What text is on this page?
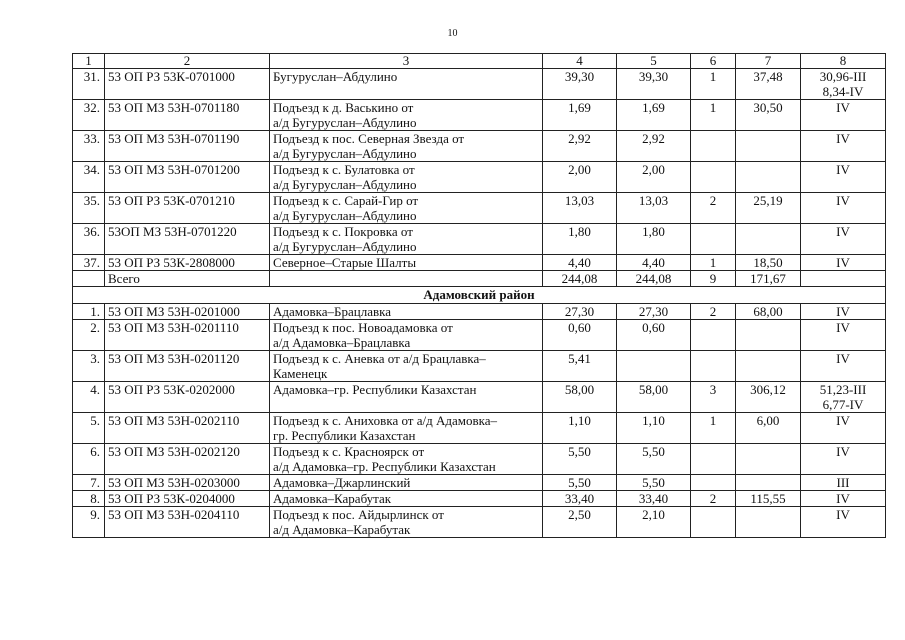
10
1	2	3	4	5	6	7	8
31.	53 ОП РЗ 53К-0701000	Бугуруслан–Абдулино	39,30	39,30	1	37,48	30,96-III
8,34-IV

32.	53 ОП МЗ 53Н-0701180	Подъезд к д. Васькино от
а/д Бугуруслан–Абдулино	1,69	1,69	1	30,50	IV

33.	53 ОП МЗ 53Н-0701190	Подъезд к пос. Северная Звезда от
а/д Бугуруслан–Абдулино	2,92	2,92			IV

34.	53 ОП МЗ 53Н-0701200	Подъезд к с. Булатовка от
а/д Бугуруслан–Абдулино	2,00	2,00			IV

35.	53 ОП РЗ 53К-0701210	Подъезд к с. Сарай-Гир от
а/д Бугуруслан–Абдулино	13,03	13,03	2	25,19	IV

36.	53ОП МЗ 53Н-0701220	Подъезд к с. Покровка от
а/д Бугуруслан–Абдулино	1,80	1,80			IV

37.	53 ОП РЗ 53К-2808000	Северное–Старые Шалты	4,40	4,40	1	18,50	IV

	Всего		244,08	244,08	9	171,67	
Адамовский район							
1.	53 ОП МЗ 53Н-0201000	Адамовка–Брацлавка	27,30	27,30	2	68,00	IV

2.	53 ОП МЗ 53Н-0201110	Подъезд к пос. Новоадамовка от
а/д Адамовка–Брацлавка	0,60	0,60			IV

3.	53 ОП МЗ 53Н-0201120	Подъезд к с. Аневка от а/д Брацлавка–
Каменецк	5,41				IV

4.	53 ОП РЗ 53К-0202000	Адамовка–гр. Республики Казахстан	58,00	58,00	3	306,12	51,23-III
6,77-IV

5.	53 ОП МЗ 53Н-0202110	Подъезд к с. Аниховка от а/д Адамовка–
гр. Республики Казахстан	1,10	1,10	1	6,00	IV

6.	53 ОП МЗ 53Н-0202120	Подъезд к с. Красноярск от
а/д Адамовка–гр. Республики Казахстан	5,50	5,50			IV

7.	53 ОП МЗ 53Н-0203000	Адамовка–Джарлинский	5,50	5,50			III

8.	53 ОП РЗ 53К-0204000	Адамовка–Карабутак	33,40	33,40	2	115,55	IV

9.	53 ОП МЗ 53Н-0204110	Подъезд к пос. Айдырлинск от
а/д Адамовка–Карабутак	2,50	2,10			IV
